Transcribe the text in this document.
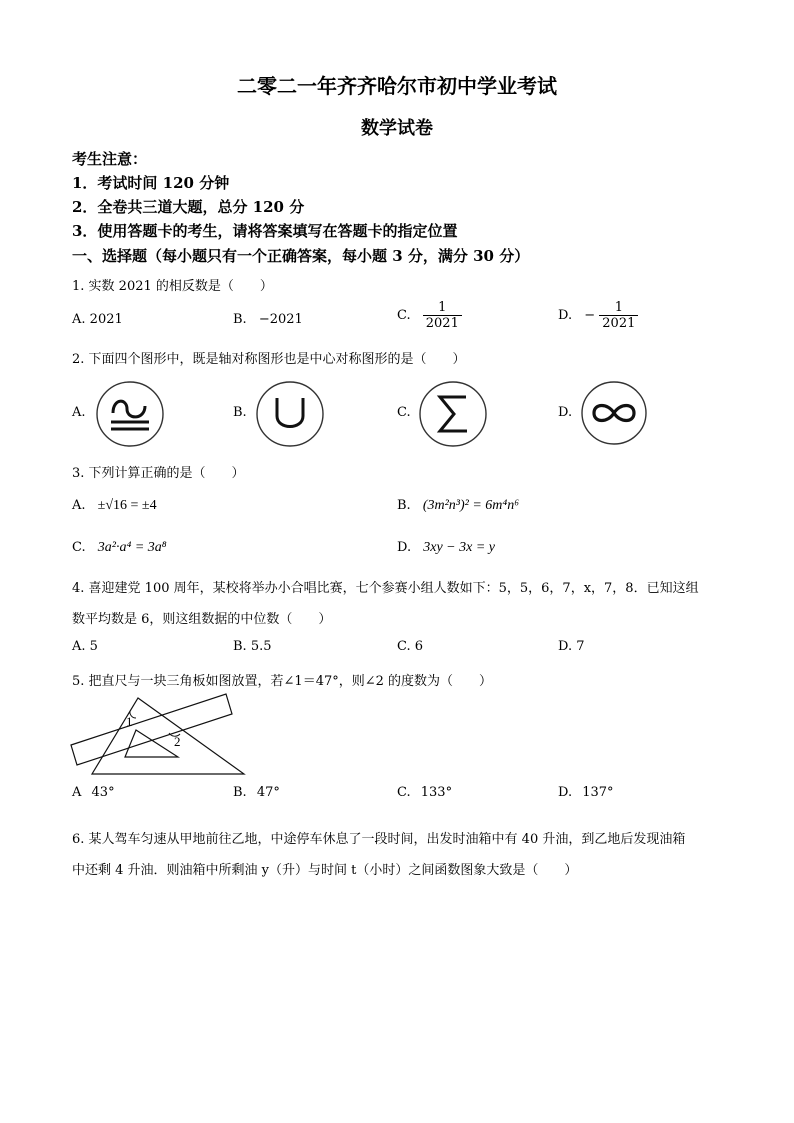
二零二一年齐齐哈尔市初中学业考试
数学试卷
考生注意：
1．考试时间 120 分钟
2．全卷共三道大题，总分 120 分
3．使用答题卡的考生，请将答案填写在答题卡的指定位置
一、选择题（每小题只有一个正确答案，每小题 3 分，满分 30 分）
1. 实数 2021 的相反数是（　　）
A. 2021	B. −2021	C. $\frac{1}{2021}$	D. − $\frac{1}{2021}$
2. 下面四个图形中，既是轴对称图形也是中心对称图形的是（　　）
A.	B.	C.	D.
3. 下列计算正确的是（　　）
A. ±√16 = ±4	B. (3m²n³)² = 6m⁴n⁶
C. 3a²·a⁴ = 3a⁸	D. 3xy − 3x = y
4. 喜迎建党 100 周年，某校将举办小合唱比赛，七个参赛小组人数如下：5，5，6，7，x，7，8．已知这组
数平均数是 6，则这组数据的中位数（　　）
A. 5	B. 5.5	C. 6	D. 7
5. 把直尺与一块三角板如图放置，若∠1＝47°，则∠2 的度数为（　　）
1
2
A 43°	B. 47°	C. 133°	D. 137°
6. 某人驾车匀速从甲地前往乙地，中途停车休息了一段时间，出发时油箱中有 40 升油，到乙地后发现油箱
中还剩 4 升油．则油箱中所剩油 y（升）与时间 t（小时）之间函数图象大致是（　　）
